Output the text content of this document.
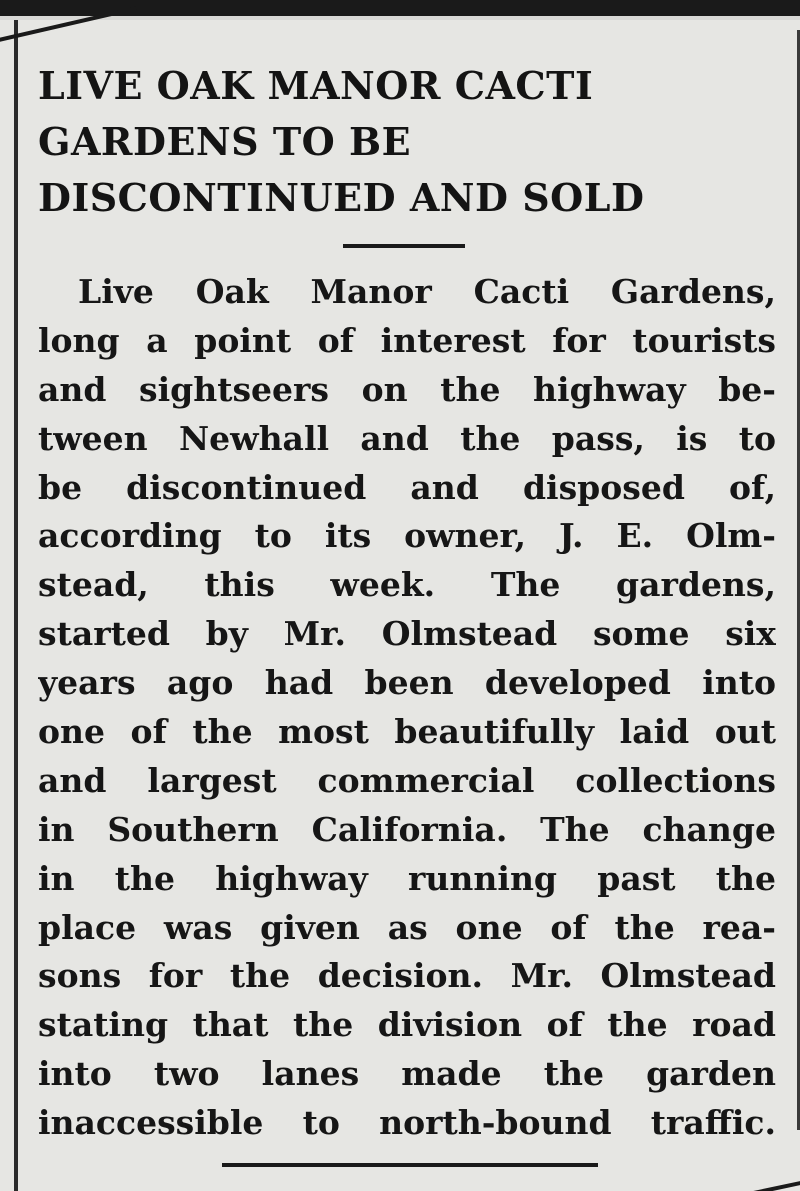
LIVE OAK MANOR CACTI
GARDENS TO BE
DISCONTINUED AND SOLD
Live Oak Manor Cacti Gardens,
long a point of interest for tourists
and sightseers on the highway be-
tween Newhall and the pass, is to
be discontinued and disposed of,
according to its owner, J. E. Olm-
stead, this week. The gardens,
started by Mr. Olmstead some six
years ago had been developed into
one of the most beautifully laid out
and largest commercial collections
in Southern California. The change
in the highway running past the
place was given as one of the rea-
sons for the decision. Mr. Olmstead
stating that the division of the road
into two lanes made the garden
inaccessible to north-bound traffic.
